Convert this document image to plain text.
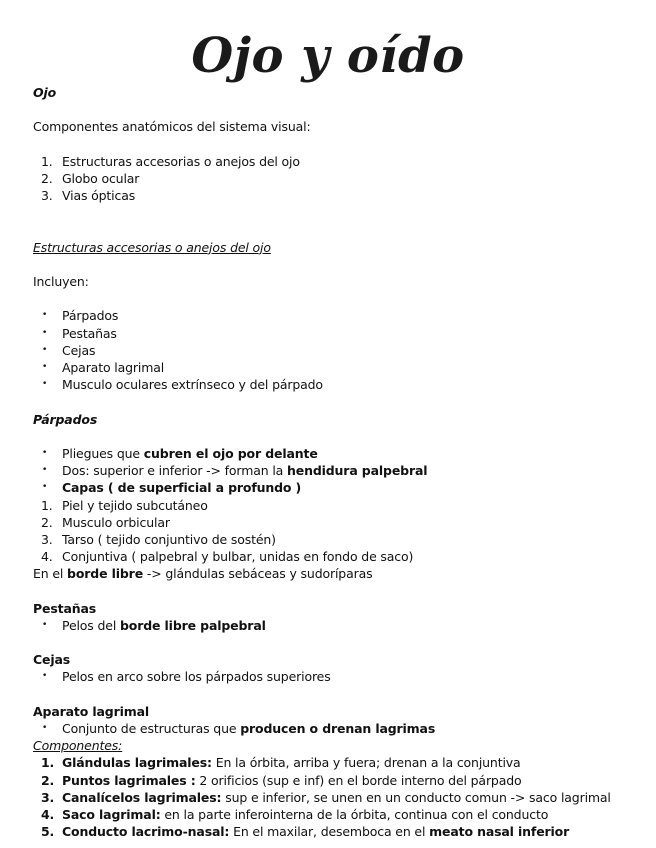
Ojo y oído
Ojo
Componentes anatómicos del sistema visual:
1. Estructuras accesorias o anejos del ojo
2. Globo ocular
3. Vias ópticas
Estructuras accesorias o anejos del ojo
Incluyen:
• Párpados
• Pestañas
• Cejas
• Aparato lagrimal
• Musculo oculares extrínseco y del párpado
Párpados
• Pliegues que cubren el ojo por delante
• Dos: superior e inferior -> forman la hendidura palpebral
• Capas ( de superficial a profundo )
1. Piel y tejido subcutáneo
2. Musculo orbicular
3. Tarso ( tejido conjuntivo de sostén)
4. Conjuntiva ( palpebral y bulbar, unidas en fondo de saco)
En el borde libre -> glándulas sebáceas y sudoríparas
Pestañas
• Pelos del borde libre palpebral
Cejas
• Pelos en arco sobre los párpados superiores
Aparato lagrimal
• Conjunto de estructuras que producen o drenan lagrimas
Componentes:
1. Glándulas lagrimales: En la órbita, arriba y fuera; drenan a la conjuntiva
2. Puntos lagrimales : 2 orificios (sup e inf) en el borde interno del párpado
3. Canalícelos lagrimales: sup e inferior, se unen en un conducto comun -> saco lagrimal
4. Saco lagrimal: en la parte inferointerna de la órbita, continua con el conducto
5. Conducto lacrimo-nasal: En el maxilar, desemboca en el meato nasal inferior
